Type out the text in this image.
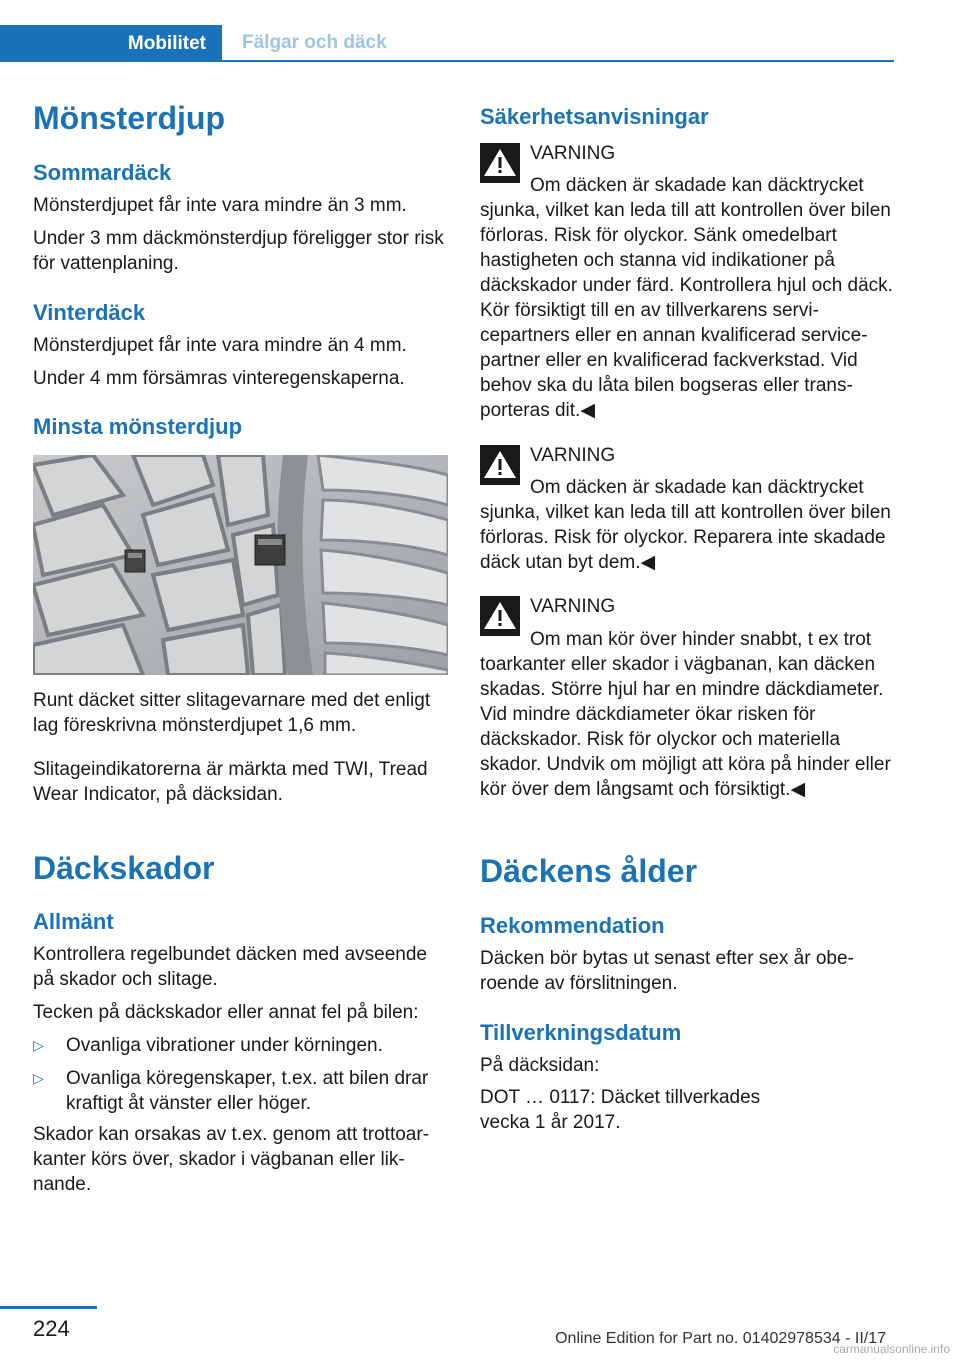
Mobilitet	Fälgar och däck
Mönsterdjup
Sommardäck

Mönsterdjupet får inte vara mindre än 3 mm.

Under 3 mm däckmönsterdjup föreligger stor risk för vattenplaning.

Vinterdäck

Mönsterdjupet får inte vara mindre än 4 mm.

Under 4 mm försämras vinteregenskaperna.

Minsta mönsterdjup

Runt däcket sitter slitagevarnare med det enligt lag föreskrivna mönsterdjupet 1,6 mm.

Slitageindikatorerna är märkta med TWI, Tread Wear Indicator, på däcksidan.

Däckskador
Allmänt

Kontrollera regelbundet däcken med avseende på skador och slitage.

Tecken på däckskador eller annat fel på bilen:

▷ Ovanliga vibrationer under körningen.
▷ Ovanliga köregenskaper, t.ex. att bilen drar kraftigt åt vänster eller höger.

Skador kan orsakas av t.ex. genom att trottoarkanter körs över, skador i vägbanan eller liknande.

Säkerhetsanvisningar
VARNING
Om däcken är skadade kan däcktrycket

sjunka, vilket kan leda till att kontrollen över bilen förloras. Risk för olyckor. Sänk omedelbart hastigheten och stanna vid indikationer på däckskador under färd. Kontrollera hjul och däck. Kör försiktigt till en av tillverkarens servicepartners eller en annan kvalificerad servicepartner eller en kvalificerad fackverkstad. Vid behov ska du låta bilen bogseras eller transporteras dit.◀

VARNING
Om däcken är skadade kan däcktrycket

sjunka, vilket kan leda till att kontrollen över bilen förloras. Risk för olyckor. Reparera inte skadade däck utan byt dem.◀

VARNING
Om man kör över hinder snabbt, t ex trot

toarkanter eller skador i vägbanan, kan däcken skadas. Större hjul har en mindre däckdiameter. Vid mindre däckdiameter ökar risken för däckskador. Risk för olyckor och materiella skador. Undvik om möjligt att köra på hinder eller kör över dem långsamt och försiktigt.◀

Däckens ålder
Rekommendation

Däcken bör bytas ut senast efter sex år oberoende av förslitningen.

Tillverkningsdatum

På däcksidan:

DOT … 0117: Däcket tillverkades

vecka 1 år 2017.

224	Online Edition for Part no. 01402978534 - II/17
carmanualsonline.info
